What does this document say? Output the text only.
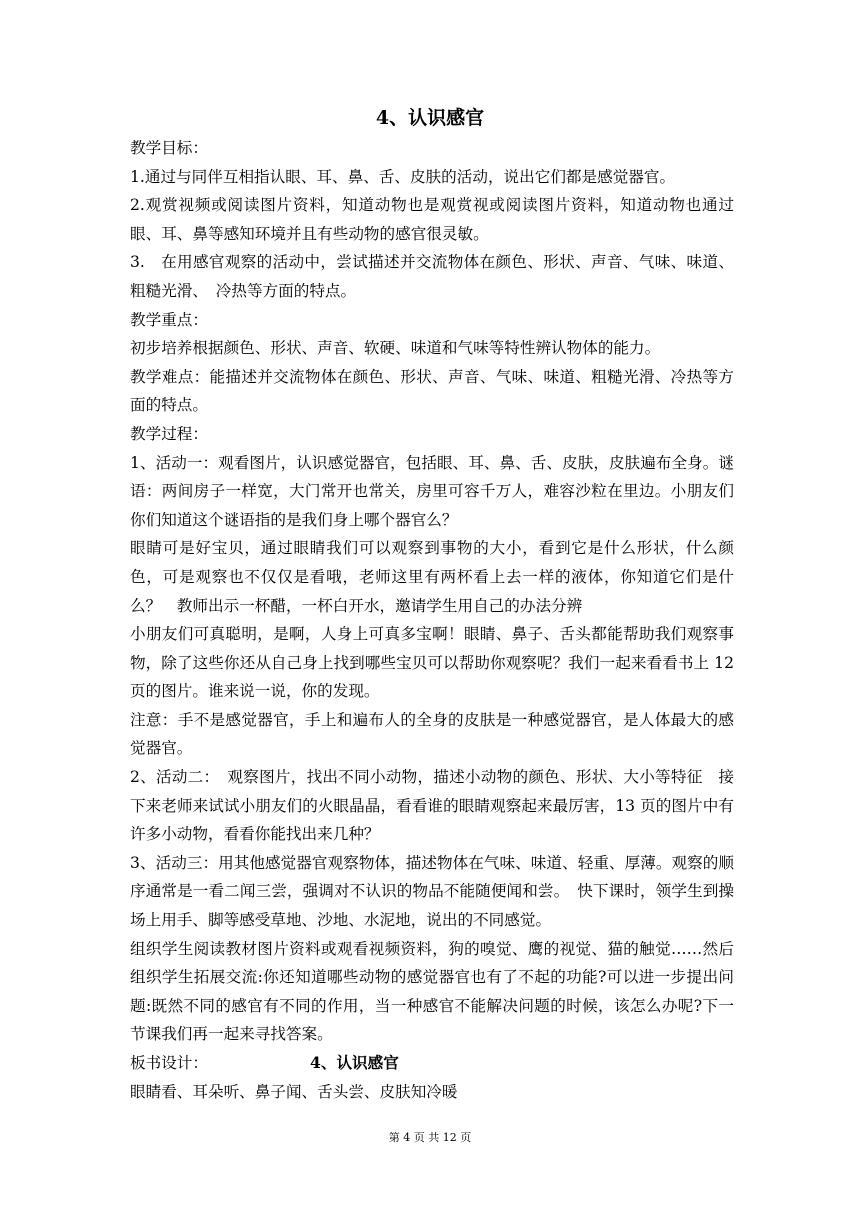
4、认识感官

教学目标：

1.通过与同伴互相指认眼、耳、鼻、舌、皮肤的活动，说出它们都是感觉器官。

2.观赏视频或阅读图片资料，知道动物也是观赏视或阅读图片资料，知道动物也通过眼、耳、鼻等感知环境并且有些动物的感官很灵敏。

3.　在用感官观察的活动中，尝试描述并交流物体在颜色、形状、声音、气味、味道、粗糙光滑、　冷热等方面的特点。

教学重点：

初步培养根据颜色、形状、声音、软硬、味道和气味等特性辨认物体的能力。

教学难点：能描述并交流物体在颜色、形状、声音、气味、味道、粗糙光滑、冷热等方面的特点。

教学过程：

1、活动一：观看图片，认识感觉器官，包括眼、耳、鼻、舌、皮肤，皮肤遍布全身。谜语：两间房子一样宽，大门常开也常关，房里可容千万人，难容沙粒在里边。小朋友们你们知道这个谜语指的是我们身上哪个器官么？

眼睛可是好宝贝，通过眼睛我们可以观察到事物的大小，看到它是什么形状，什么颜色，可是观察也不仅仅是看哦，老师这里有两杯看上去一样的液体，你知道它们是什么？　教师出示一杯醋，一杯白开水，邀请学生用自己的办法分辨

小朋友们可真聪明，是啊，人身上可真多宝啊！眼睛、鼻子、舌头都能帮助我们观察事物，除了这些你还从自己身上找到哪些宝贝可以帮助你观察呢？我们一起来看看书上 12 页的图片。谁来说一说，你的发现。

注意：手不是感觉器官，手上和遍布人的全身的皮肤是一种感觉器官，是人体最大的感觉器官。

2、活动二：　观察图片，找出不同小动物，描述小动物的颜色、形状、大小等特征　接下来老师来试试小朋友们的火眼晶晶，看看谁的眼睛观察起来最厉害，13 页的图片中有许多小动物，看看你能找出来几种？

3、活动三：用其他感觉器官观察物体，描述物体在气味、味道、轻重、厚薄。观察的顺序通常是一看二闻三尝，强调对不认识的物品不能随便闻和尝。　快下课时，领学生到操场上用手、脚等感受草地、沙地、水泥地，说出的不同感觉。

组织学生阅读教材图片资料或观看视频资料，狗的嗅觉、鹰的视觉、猫的触觉……然后组织学生拓展交流:你还知道哪些动物的感觉器官也有了不起的功能?可以进一步提出问题:既然不同的感官有不同的作用，当一种感官不能解决问题的时候，该怎么办呢?下一节课我们再一起来寻找答案。

板书设计：	4、认识感官

眼睛看、耳朵听、鼻子闻、舌头尝、皮肤知冷暖

第 4 页 共 12 页
